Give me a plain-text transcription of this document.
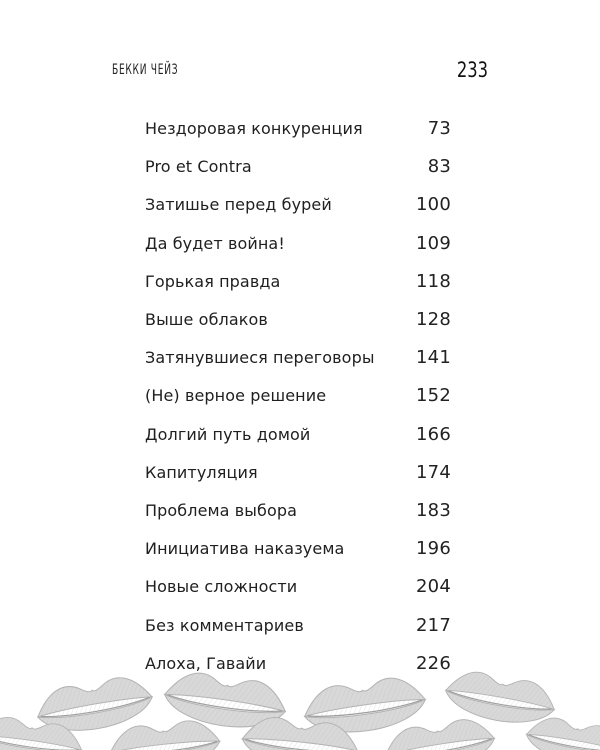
БЕККИ ЧЕЙЗ	233
Нездоровая конкуренция	73
Pro et Contra	83
Затишье перед бурей	100
Да будет война!	109
Горькая правда	118
Выше облаков	128
Затянувшиеся переговоры 141
(Не) верное решение	152
Долгий путь домой	166
Капитуляция	174
Проблема выбора	183
Инициатива наказуема	196
Новые сложности	204
Без комментариев	217
Алоха, Гавайи	226
